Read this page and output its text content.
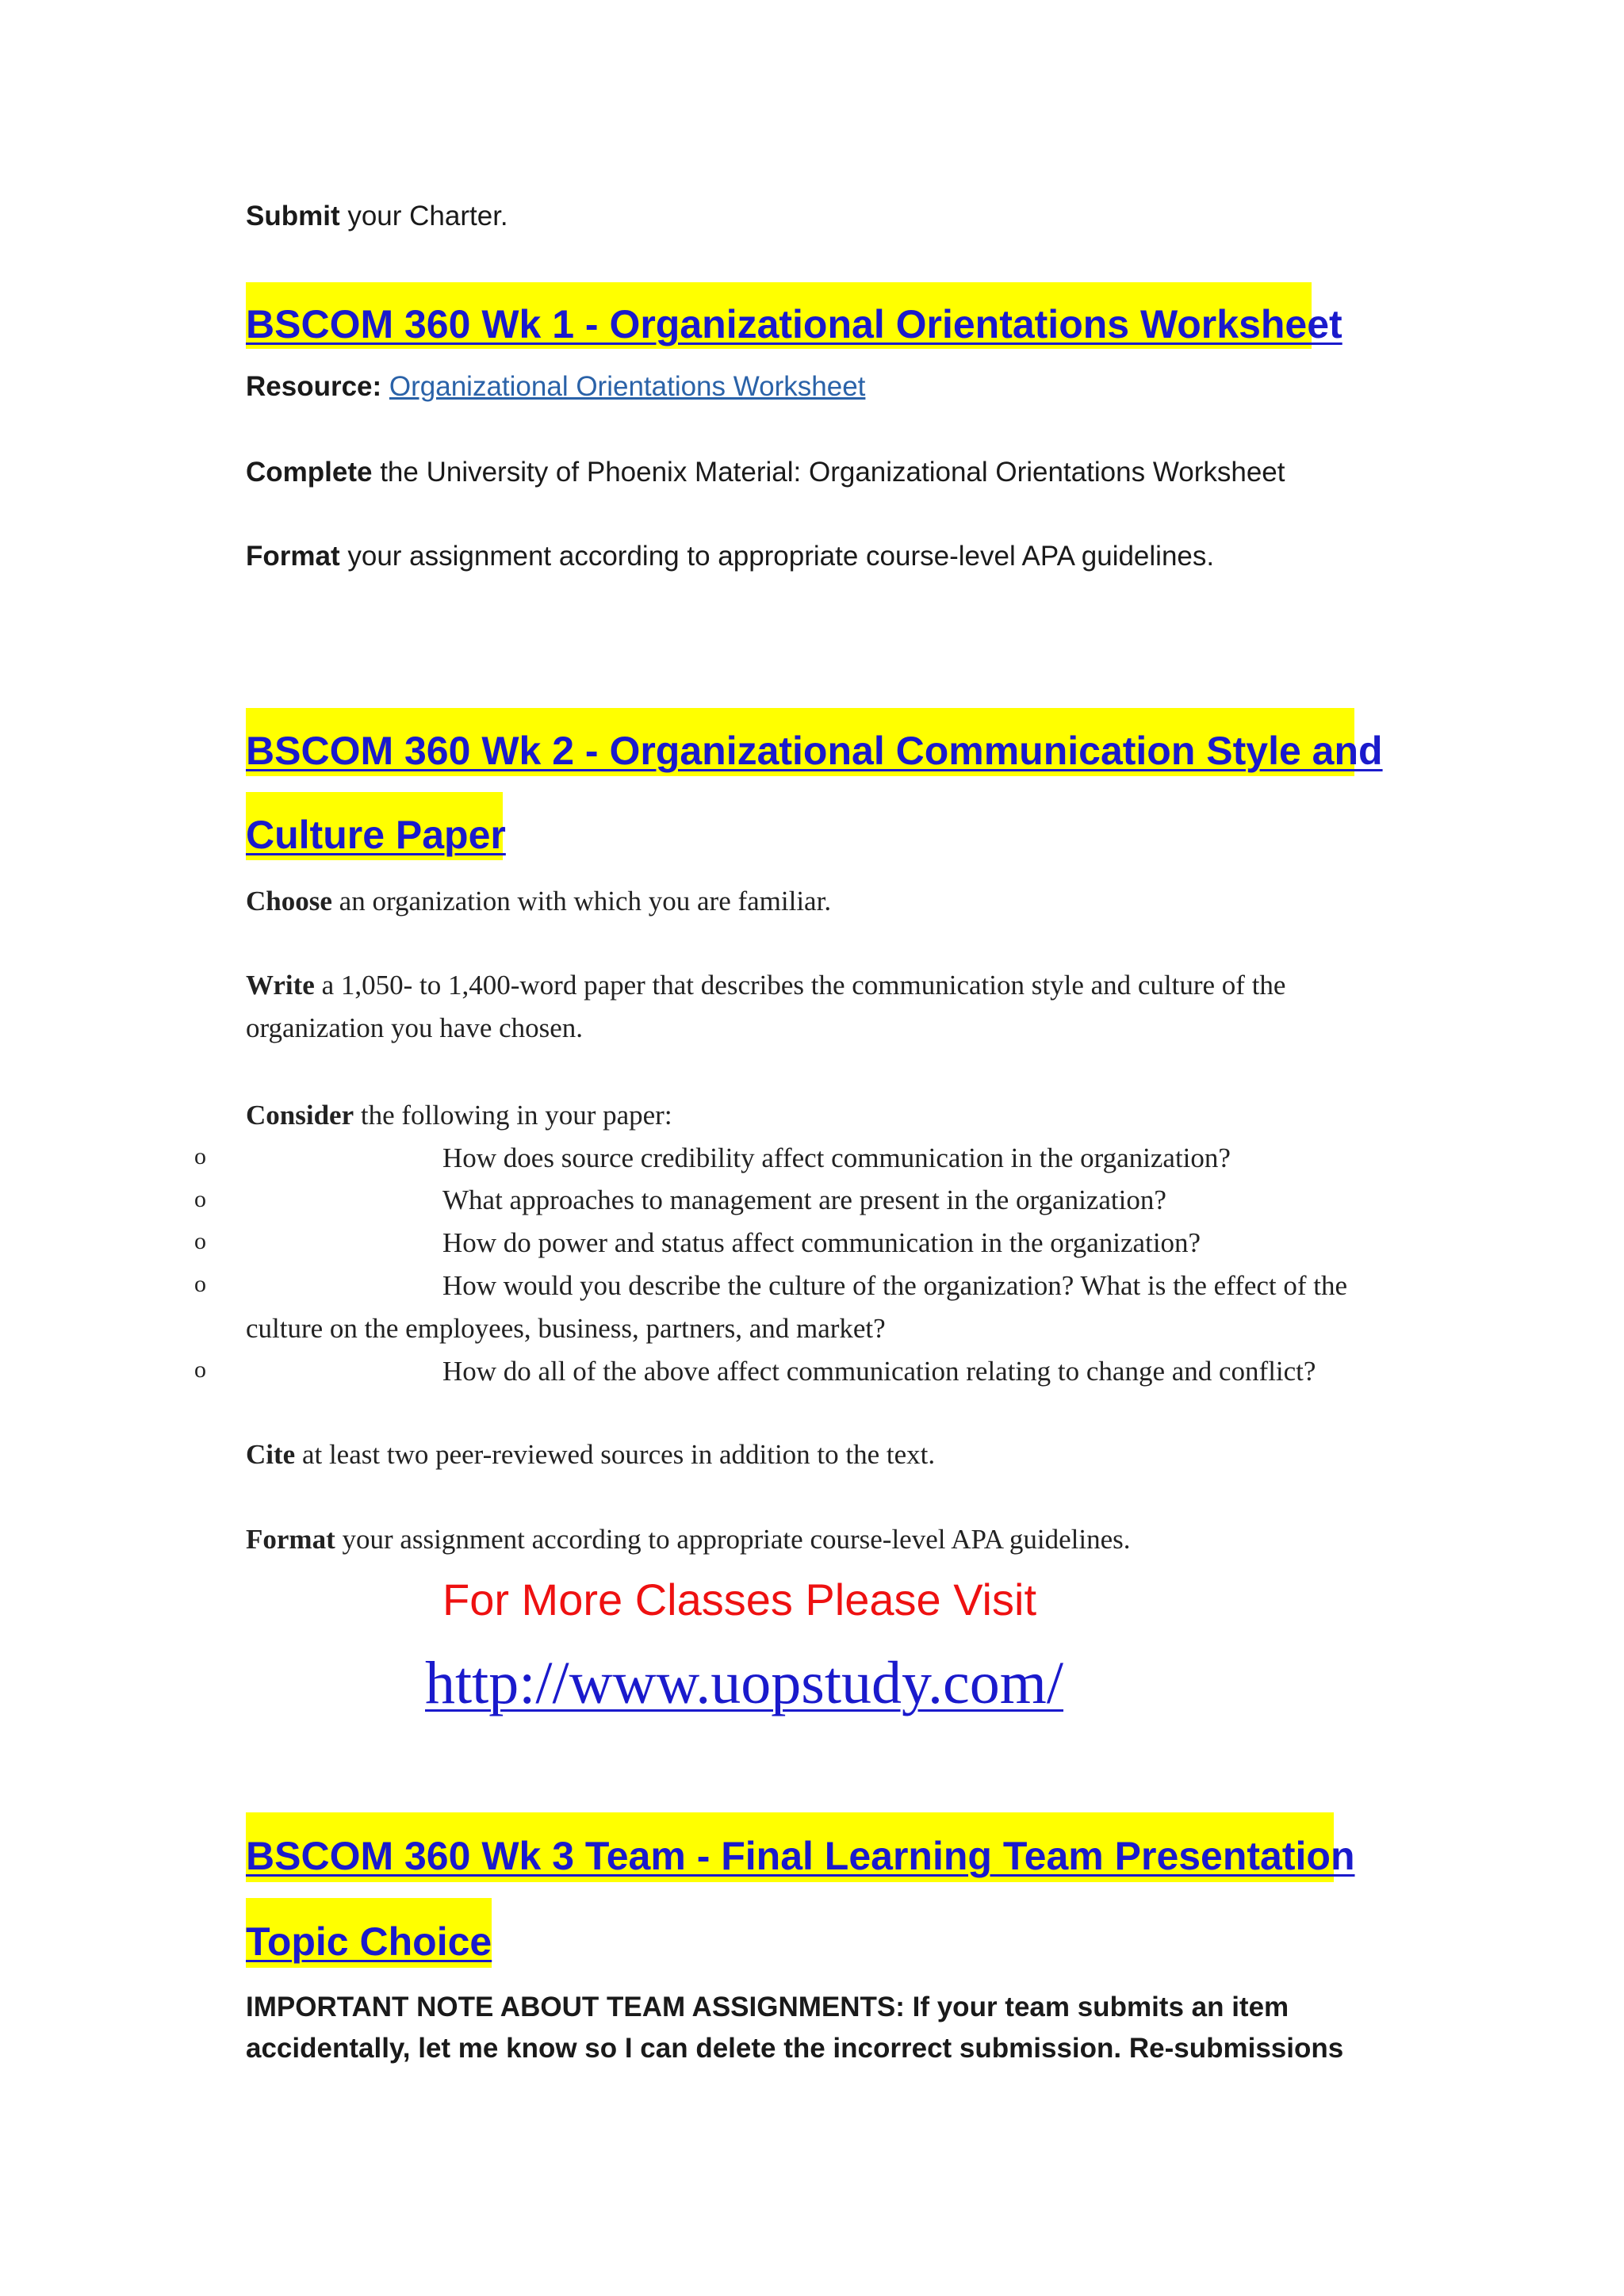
Submit your Charter.
BSCOM 360 Wk 1 - Organizational Orientations Worksheet
Resource: Organizational Orientations Worksheet
Complete the University of Phoenix Material: Organizational Orientations Worksheet
Format your assignment according to appropriate course-level APA guidelines.
BSCOM 360 Wk 2 - Organizational Communication Style and
Culture Paper
Choose an organization with which you are familiar.
Write a 1,050- to 1,400-word paper that describes the communication style and culture of the
organization you have chosen.
Consider the following in your paper:
o	How does source credibility affect communication in the organization?
o	What approaches to management are present in the organization?
o	How do power and status affect communication in the organization?
o	How would you describe the culture of the organization? What is the effect of the
culture on the employees, business, partners, and market?
o	How do all of the above affect communication relating to change and conflict?
Cite at least two peer-reviewed sources in addition to the text.
Format your assignment according to appropriate course-level APA guidelines.
For More Classes Please Visit
http://www.uopstudy.com/
BSCOM 360 Wk 3 Team - Final Learning Team Presentation
Topic Choice
IMPORTANT NOTE ABOUT TEAM ASSIGNMENTS: If your team submits an item
accidentally, let me know so I can delete the incorrect submission. Re-submissions
